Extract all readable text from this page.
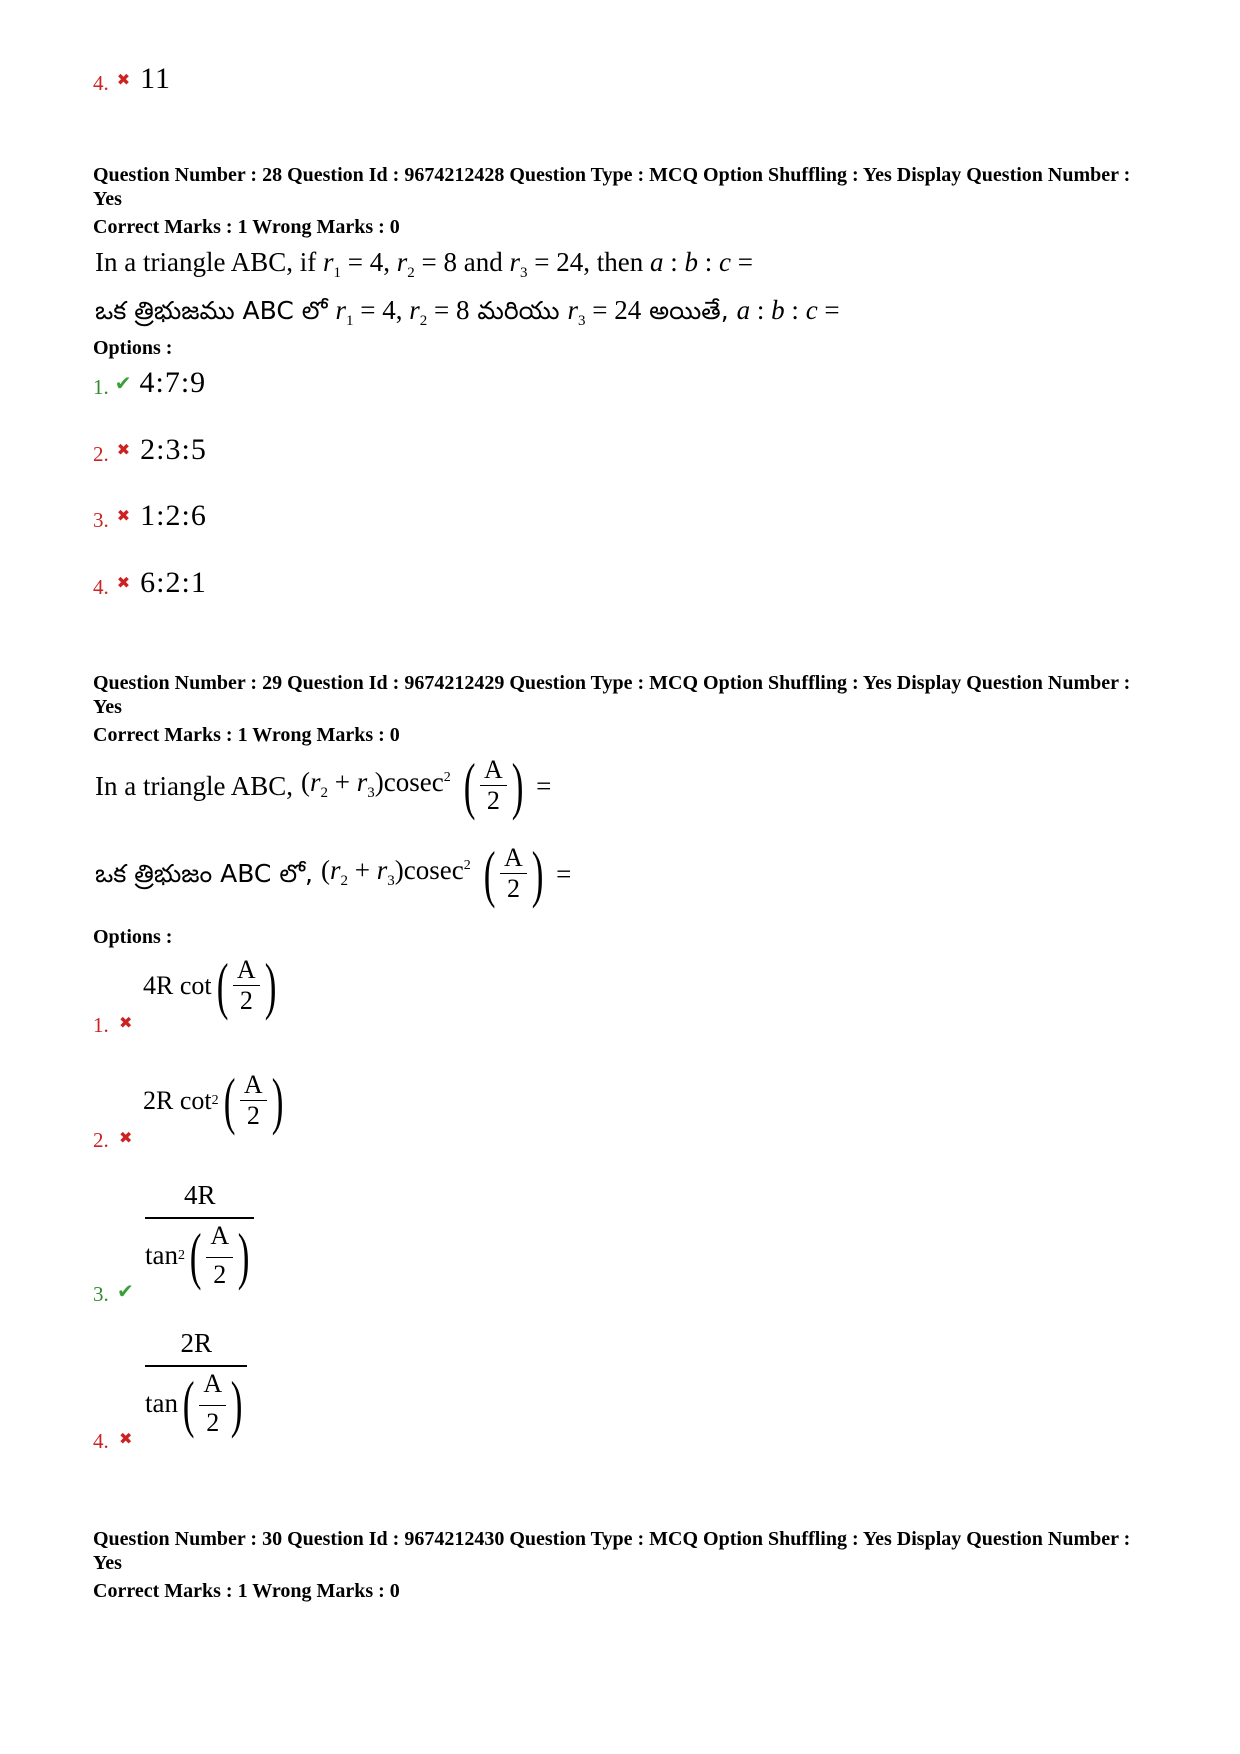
4. ✖ 11
Question Number : 28 Question Id : 9674212428 Question Type : MCQ Option Shuffling : Yes Display Question Number : Yes
Correct Marks : 1 Wrong Marks : 0
In a triangle ABC, if $r_1 = 4$, $r_2 = 8$ and $r_3 = 24$, then a : b : c =
ఒక త్రిభుజము ABC లో $r_1 = 4$, $r_2 = 8$ మరియు $r_3 = 24$ అయితే, a : b : c =
Options :
1. ✔ 4:7:9
2. ✖ 2:3:5
3. ✖ 1:2:6
4. ✖ 6:2:1
Question Number : 29 Question Id : 9674212429 Question Type : MCQ Option Shuffling : Yes Display Question Number : Yes
Correct Marks : 1 Wrong Marks : 0
In a triangle ABC, $(r_2 + r_3)cosec^2$ ( $\frac{A}{2}$ ) =
ఒక త్రిభుజం ABC లో, $(r_2 + r_3)cosec^2$ ( $\frac{A}{2}$ ) =
Options :
1. ✖
4R
cot ( $\frac{A}{2}$ )
2. ✖
2R
cot 2 ( $\frac{A}{2}$ )
3. ✔
4R
tan 2 ( $\frac{A}{2}$ )
4. ✖
2R
tan ( $\frac{A}{2}$ )
Question Number : 30 Question Id : 9674212430 Question Type : MCQ Option Shuffling : Yes Display Question Number : Yes
Correct Marks : 1 Wrong Marks : 0
